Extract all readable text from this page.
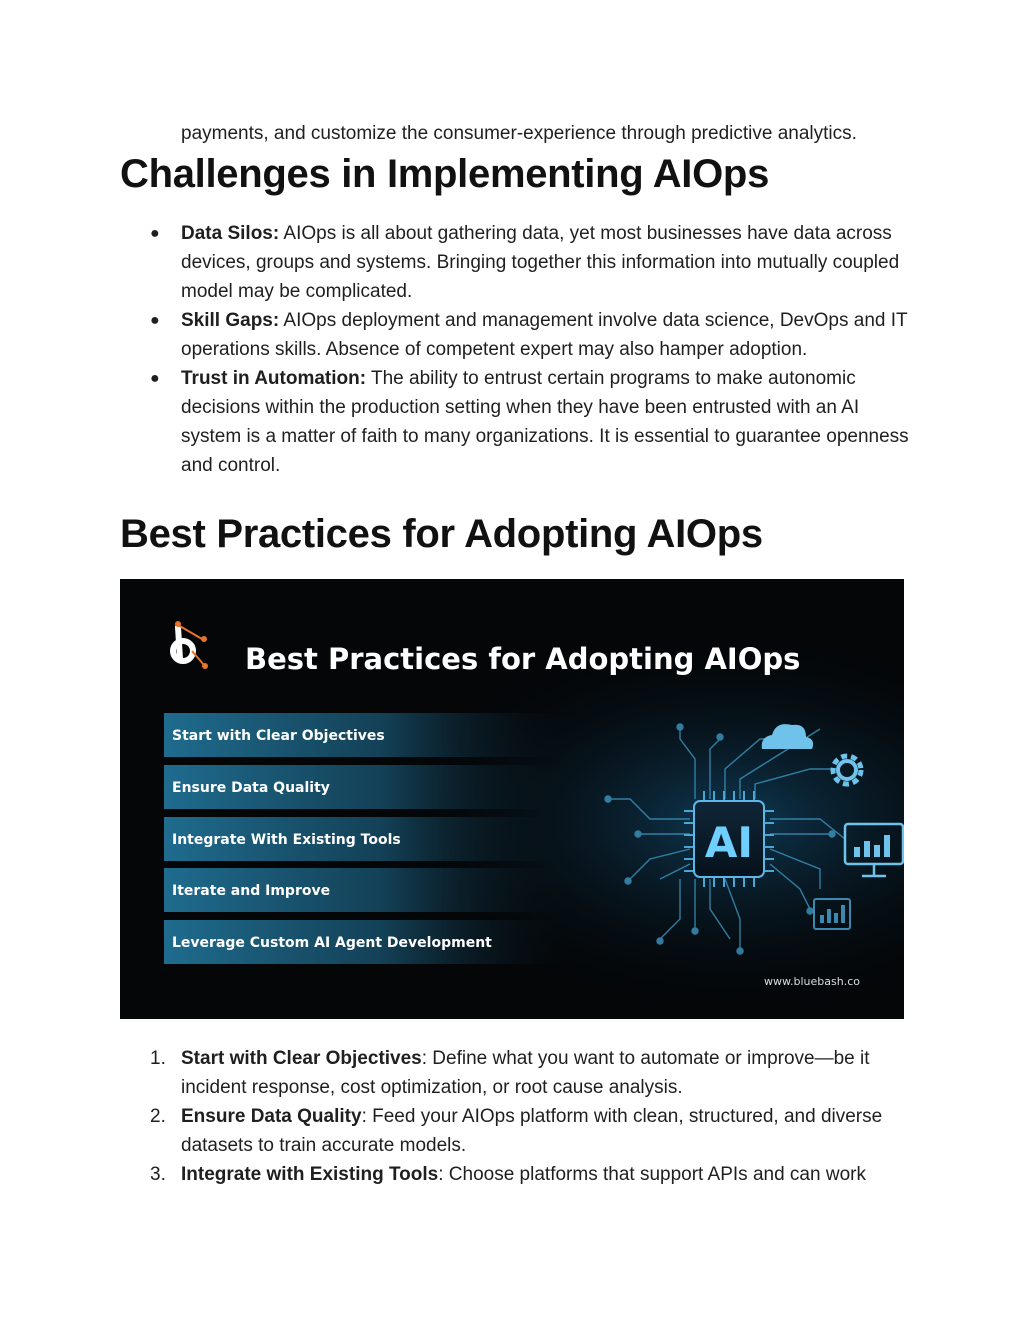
payments, and customize the consumer-experience through predictive analytics.
Challenges in Implementing AIOps
● Data Silos: AIOps is all about gathering data, yet most businesses have data across devices, groups and systems. Bringing together this information into mutually coupled model may be complicated.
● Skill Gaps: AIOps deployment and management involve data science, DevOps and IT operations skills. Absence of competent expert may also hamper adoption.
● Trust in Automation: The ability to entrust certain programs to make autonomic decisions within the production setting when they have been entrusted with an AI system is a matter of faith to many organizations. It is essential to guarantee openness and control.
Best Practices for Adopting AIOps
Best Practices for Adopting AIOps
Start with Clear Objectives
Ensure Data Quality
Integrate With Existing Tools
Iterate and Improve
Leverage Custom AI Agent Development
AI
www.bluebash.co
1. Start with Clear Objectives: Define what you want to automate or improve—be it incident response, cost optimization, or root cause analysis.
2. Ensure Data Quality: Feed your AIOps platform with clean, structured, and diverse datasets to train accurate models.
3. Integrate with Existing Tools: Choose platforms that support APIs and can work
